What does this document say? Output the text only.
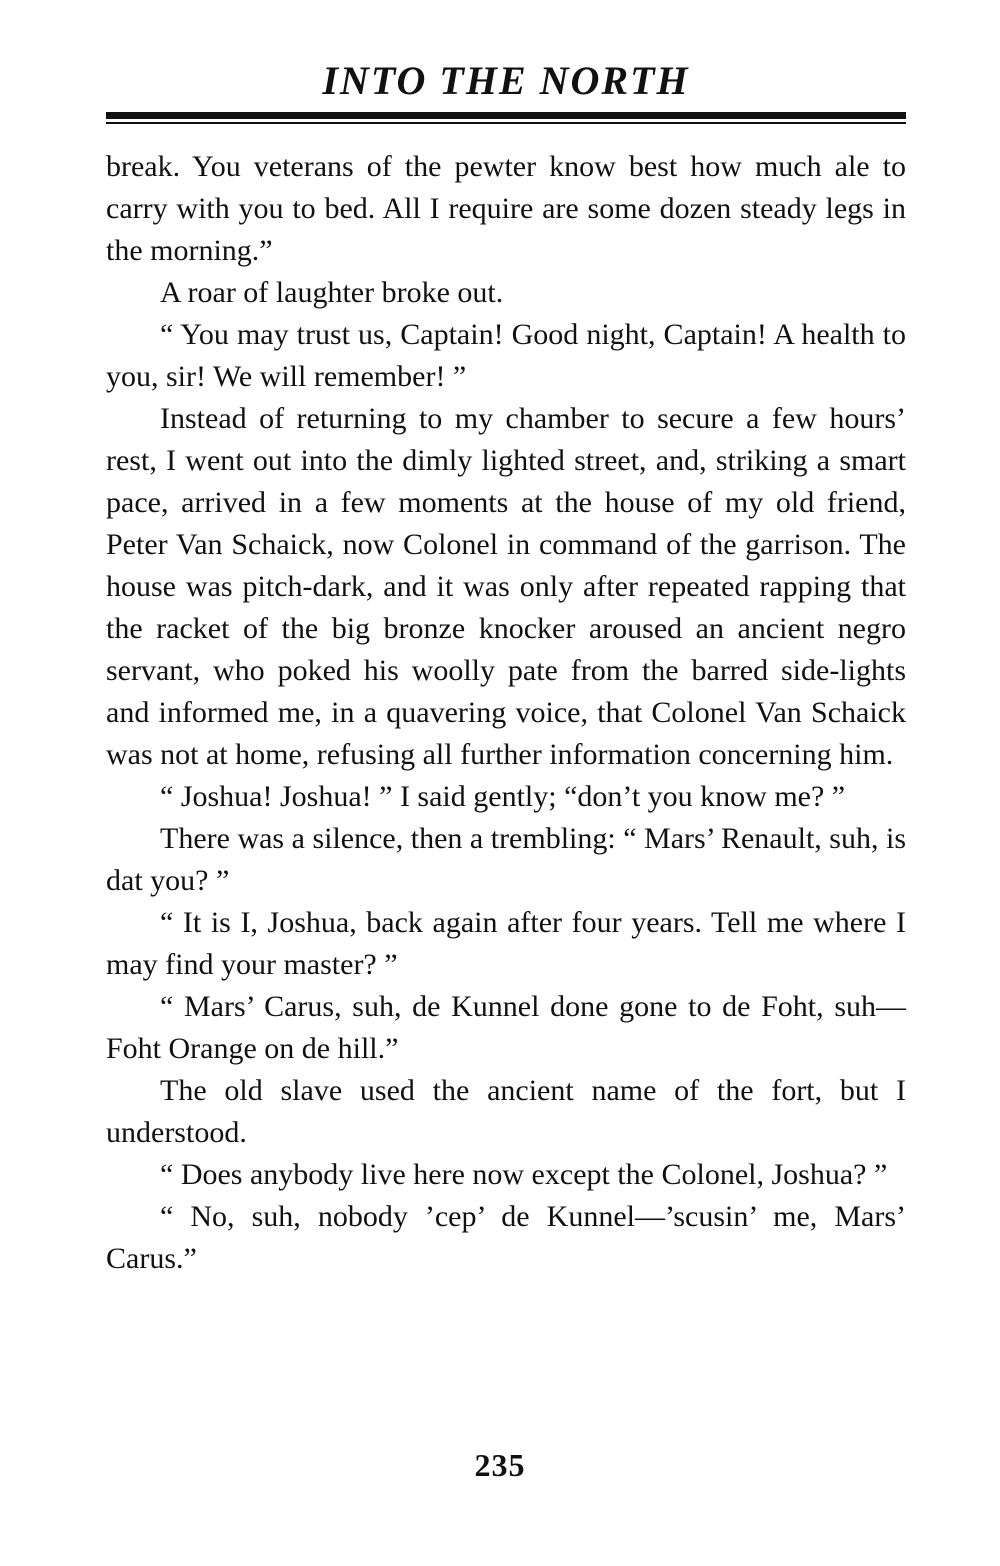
INTO THE NORTH

break. You veterans of the pewter know best how much ale to carry with you to bed. All I require are some dozen steady legs in the morning.”

A roar of laughter broke out.

“ You may trust us, Captain! Good night, Captain! A health to you, sir! We will remember! ”

Instead of returning to my chamber to secure a few hours’ rest, I went out into the dimly lighted street, and, striking a smart pace, arrived in a few moments at the house of my old friend, Peter Van Schaick, now Colonel in command of the garrison. The house was pitch-dark, and it was only after repeated rapping that the racket of the big bronze knocker aroused an ancient negro servant, who poked his woolly pate from the barred side-lights and informed me, in a quavering voice, that Colonel Van Schaick was not at home, refusing all further information concerning him.

“ Joshua! Joshua! ” I said gently; “don’t you know me? ”

There was a silence, then a trembling: “ Mars’ Renault, suh, is dat you? ”

“ It is I, Joshua, back again after four years. Tell me where I may find your master? ”

“ Mars’ Carus, suh, de Kunnel done gone to de Foht, suh—Foht Orange on de hill.”

The old slave used the ancient name of the fort, but I understood.

“ Does anybody live here now except the Colonel, Joshua? ”

“ No, suh, nobody ’cep’ de Kunnel—’scusin’ me, Mars’ Carus.”

235
